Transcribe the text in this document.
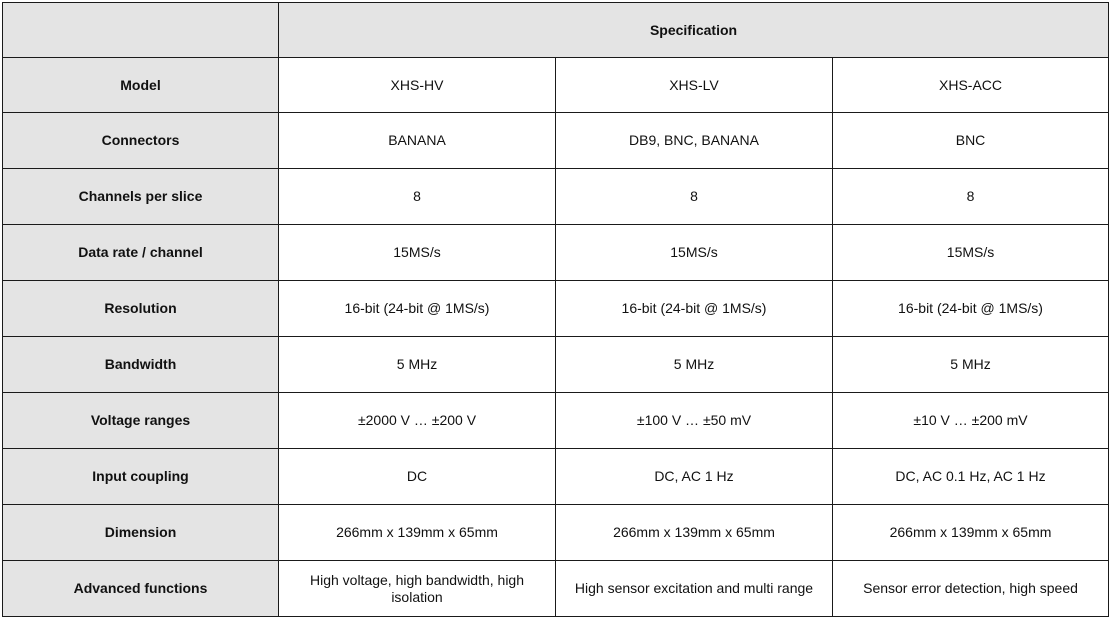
	Specification		
Model	XHS-HV	XHS-LV	XHS-ACC
Connectors	BANANA	DB9, BNC, BANANA	BNC
Channels per slice	8	8	8
Data rate / channel	15MS/s	15MS/s	15MS/s
Resolution	16-bit (24-bit @ 1MS/s)	16-bit (24-bit @ 1MS/s)	16-bit (24-bit @ 1MS/s)
Bandwidth	5 MHz	5 MHz	5 MHz
Voltage ranges	±2000 V … ±200 V	±100 V … ±50 mV	±10 V … ±200 mV
Input coupling	DC	DC, AC 1 Hz	DC, AC 0.1 Hz, AC 1 Hz
Dimension	266mm x 139mm x 65mm	266mm x 139mm x 65mm	266mm x 139mm x 65mm
Advanced functions	High voltage, high bandwidth, high isolation	High sensor excitation and multi range	Sensor error detection, high speed
